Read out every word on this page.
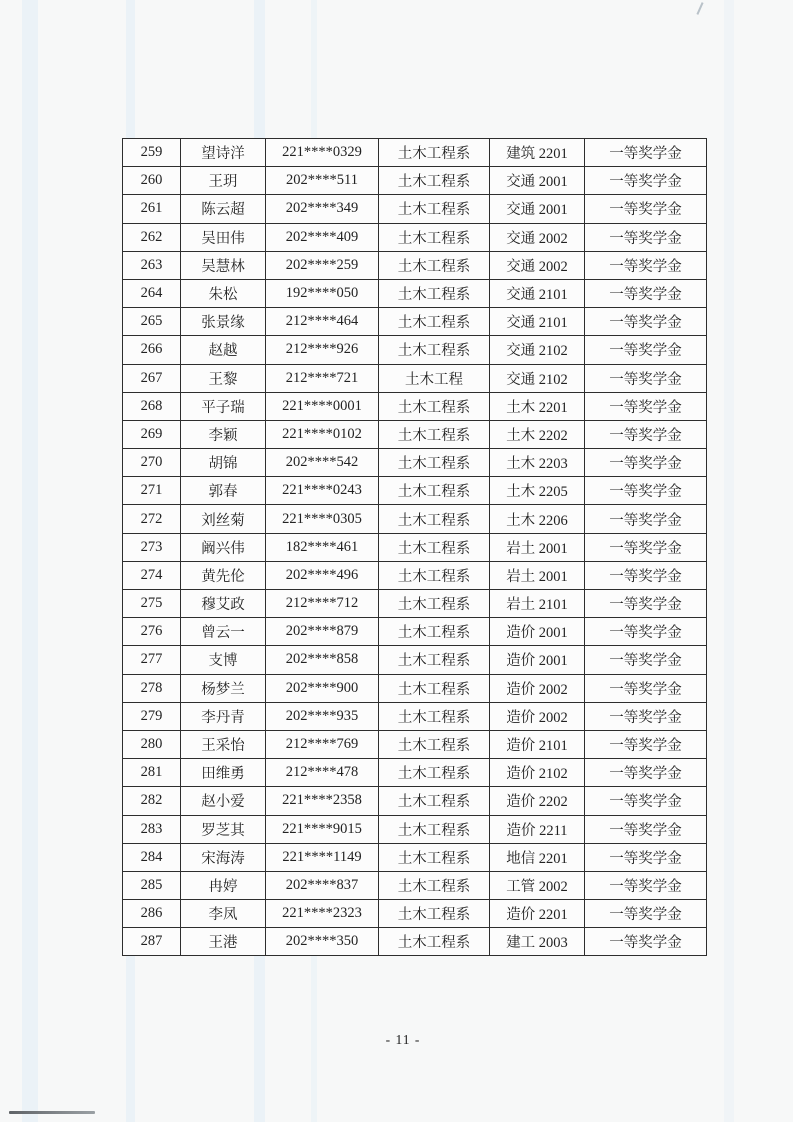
259	望诗洋	221****0329	土木工程系	建筑 2201	一等奖学金
260	王玥	202****511	土木工程系	交通 2001	一等奖学金
261	陈云超	202****349	土木工程系	交通 2001	一等奖学金
262	吴田伟	202****409	土木工程系	交通 2002	一等奖学金
263	吴慧林	202****259	土木工程系	交通 2002	一等奖学金
264	朱松	192****050	土木工程系	交通 2101	一等奖学金
265	张景缘	212****464	土木工程系	交通 2101	一等奖学金
266	赵越	212****926	土木工程系	交通 2102	一等奖学金
267	王黎	212****721	土木工程	交通 2102	一等奖学金
268	平子瑞	221****0001	土木工程系	土木 2201	一等奖学金
269	李颖	221****0102	土木工程系	土木 2202	一等奖学金
270	胡锦	202****542	土木工程系	土木 2203	一等奖学金
271	郭春	221****0243	土木工程系	土木 2205	一等奖学金
272	刘丝菊	221****0305	土木工程系	土木 2206	一等奖学金
273	阚兴伟	182****461	土木工程系	岩土 2001	一等奖学金
274	黄先伦	202****496	土木工程系	岩土 2001	一等奖学金
275	穆艾政	212****712	土木工程系	岩土 2101	一等奖学金
276	曾云一	202****879	土木工程系	造价 2001	一等奖学金
277	支博	202****858	土木工程系	造价 2001	一等奖学金
278	杨梦兰	202****900	土木工程系	造价 2002	一等奖学金
279	李丹青	202****935	土木工程系	造价 2002	一等奖学金
280	王采怡	212****769	土木工程系	造价 2101	一等奖学金
281	田维勇	212****478	土木工程系	造价 2102	一等奖学金
282	赵小爱	221****2358	土木工程系	造价 2202	一等奖学金
283	罗芝其	221****9015	土木工程系	造价 2211	一等奖学金
284	宋海涛	221****1149	土木工程系	地信 2201	一等奖学金
285	冉婷	202****837	土木工程系	工管 2002	一等奖学金
286	李凤	221****2323	土木工程系	造价 2201	一等奖学金
287	王港	202****350	土木工程系	建工 2003	一等奖学金
- 11 -
